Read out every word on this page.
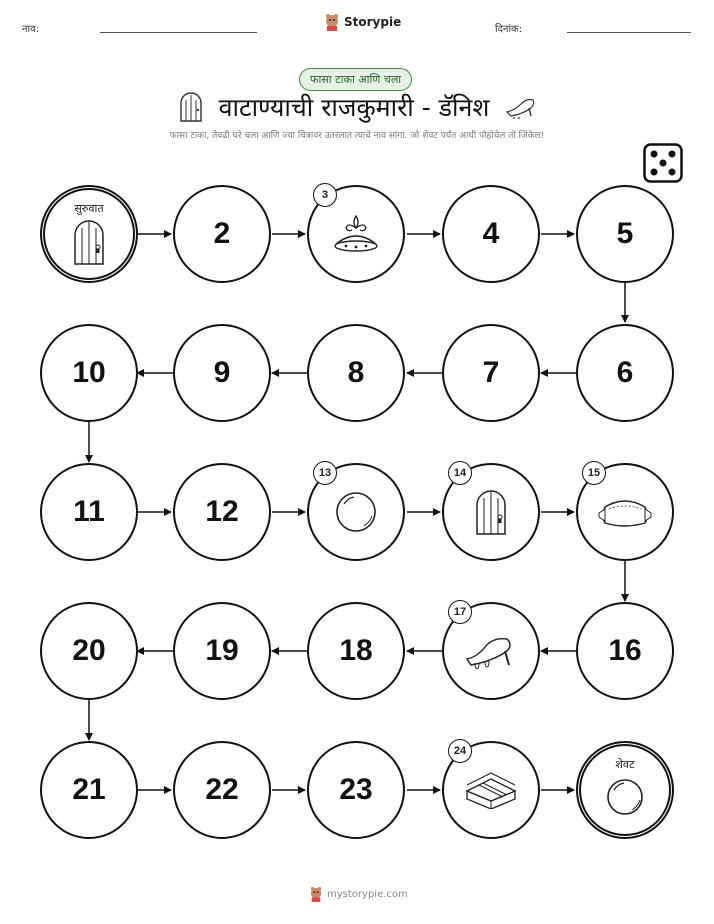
नाव:
Storypie
दिनांक:
फासा टाका आणि चला
वाटाण्याची राजकुमारी - डॅनिश
फासा टाका, तेवढी घरे चला आणि ज्या चित्रावर उतरलात त्याचे नाव सांगा. जो शेवट पर्यंत आधी पोहोचेल तो जिंकेल!
सुरुवात
2
3
4	5
6
7
8
9
10
11	12
13	14	15
16
17
18
19
20
21	22	23
24
शेवट
mystorypie.com
